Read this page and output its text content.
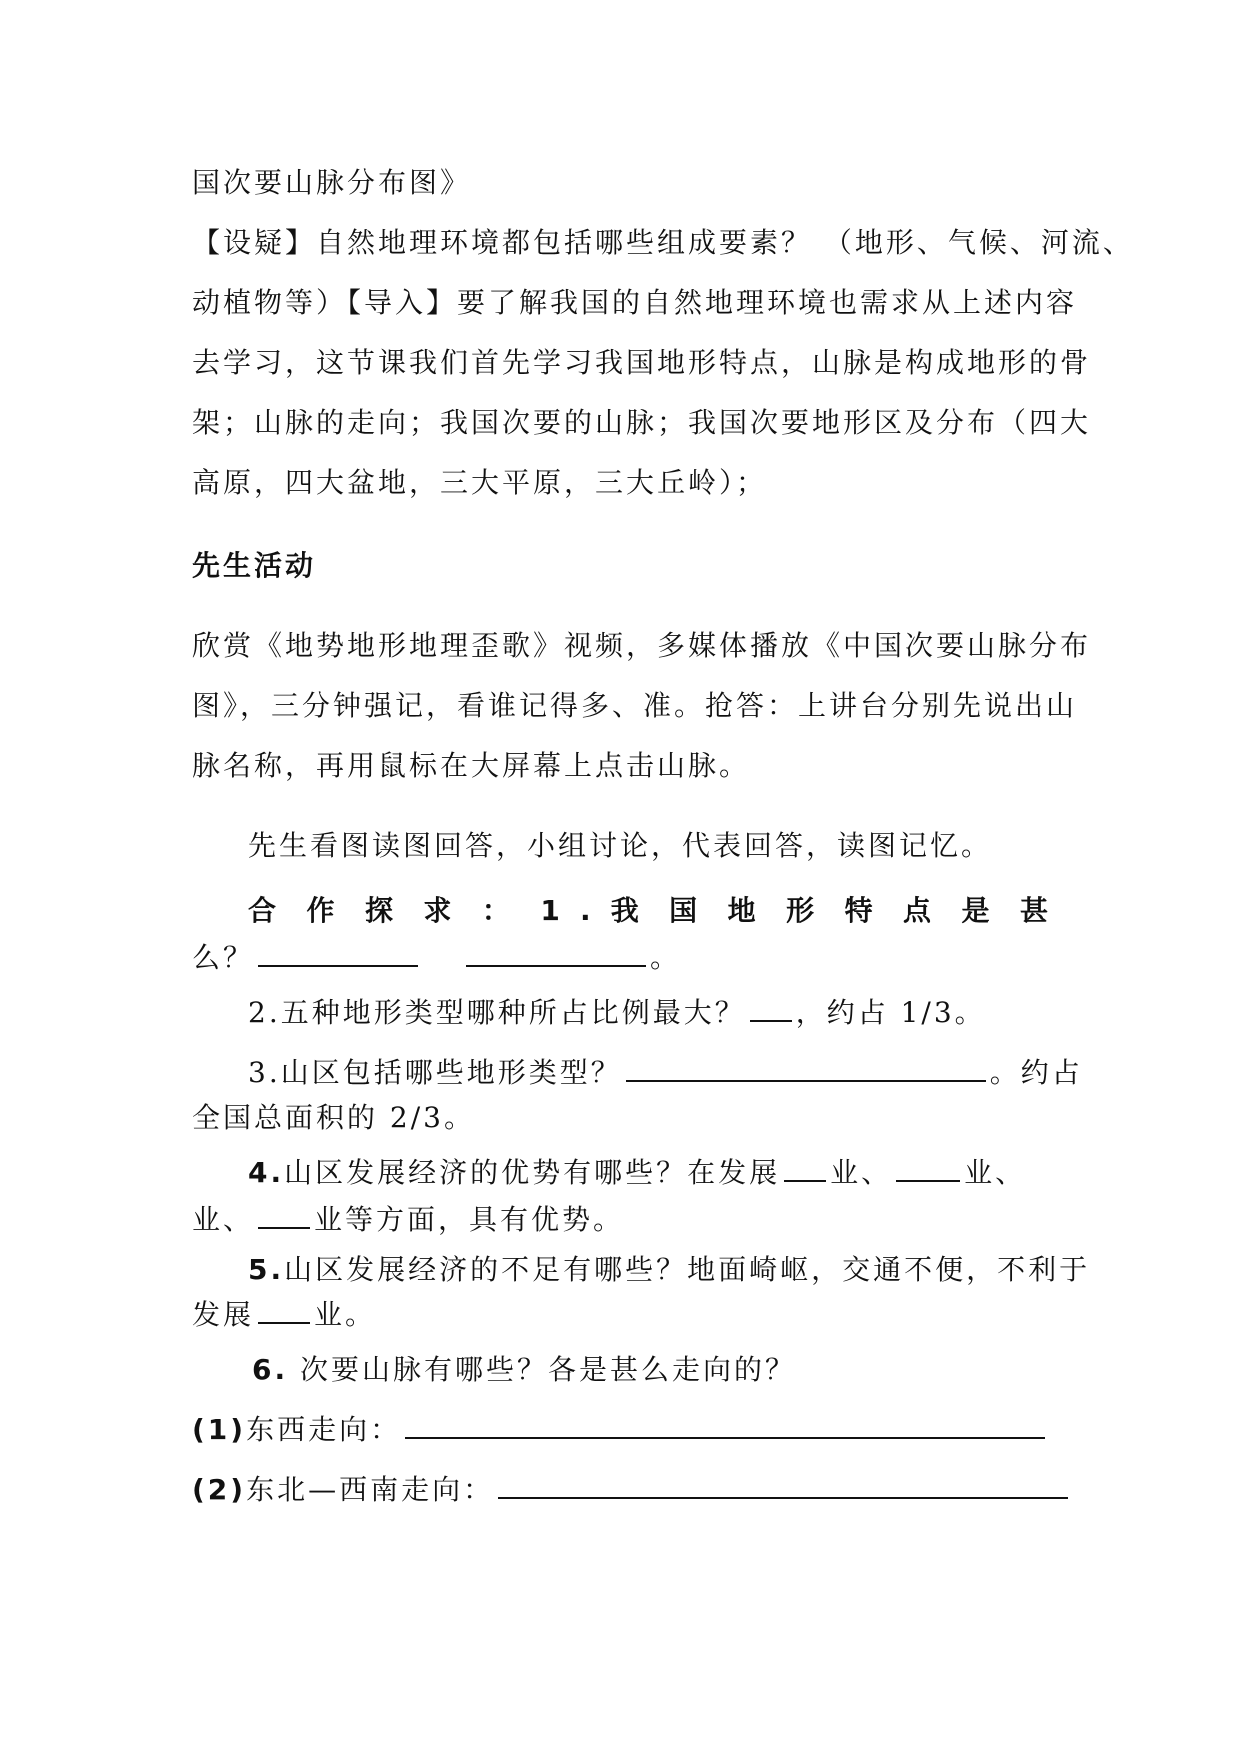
国次要山脉分布图》
【设疑】自然地理环境都包括哪些组成要素？ （地形、气候、河流、
动植物等）【导入】要了解我国的自然地理环境也需求从上述内容
去学习，这节课我们首先学习我国地形特点，山脉是构成地形的骨
架；山脉的走向；我国次要的山脉；我国次要地形区及分布（四大
高原，四大盆地，三大平原，三大丘岭）；
先生活动
欣赏《地势地形地理歪歌》视频，多媒体播放《中国次要山脉分布
图》，三分钟强记，看谁记得多、准。抢答：上讲台分别先说出山
脉名称，再用鼠标在大屏幕上点击山脉。
先生看图读图回答，小组讨论，代表回答，读图记忆。
合 作 探 求 ： 1 . 我 国 地 形 特 点 是 甚
么？	。
2.五种地形类型哪种所占比例最大？ ，约占 1/3。
3.山区包括哪些地形类型？	。约占
全国总面积的 2/3。
4.山区发展经济的优势有哪些？在发展 业、	业、
业、 业等方面，具有优势。
5.山区发展经济的不足有哪些？地面崎岖，交通不便，不利于
发展 业。
6. 次要山脉有哪些？各是甚么走向的？
(1)东西走向：
(2)东北—西南走向：
